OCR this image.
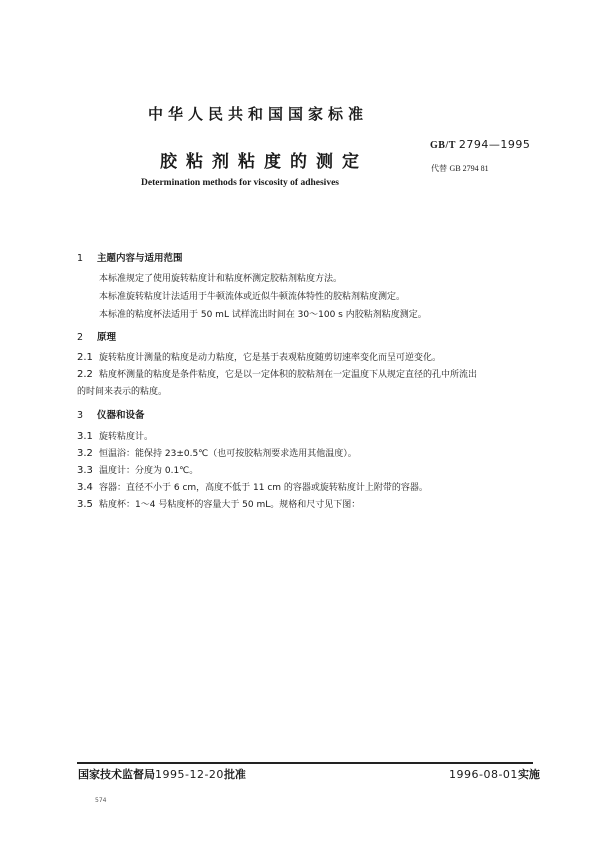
中华人民共和国国家标准
胶粘剂粘度的测定
Determination methods for viscosity of adhesives
GB/T 2794—1995
代替 GB 2794 81
1 主题内容与适用范围
本标准规定了使用旋转粘度计和粘度杯测定胶粘剂粘度方法。
本标准旋转粘度计法适用于牛顿流体或近似牛顿流体特性的胶粘剂粘度测定。
本标准的粘度杯法适用于 50 mL 试样流出时间在 30～100 s 内胶粘剂粘度测定。
2 原理
2.1 旋转粘度计测量的粘度是动力粘度，它是基于表观粘度随剪切速率变化而呈可逆变化。
2.2 粘度杯测量的粘度是条件粘度，它是以一定体积的胶粘剂在一定温度下从规定直径的孔中所流出
的时间来表示的粘度。
3 仪器和设备
3.1 旋转粘度计。
3.2 恒温浴：能保持 23±0.5℃（也可按胶粘剂要求选用其他温度）。
3.3 温度计：分度为 0.1℃。
3.4 容器：直径不小于 6 cm，高度不低于 11 cm 的容器或旋转粘度计上附带的容器。
3.5 粘度杯：1～4 号粘度杯的容量大于 50 mL。规格和尺寸见下图：
国家技术监督局1995-12-20批准	1996-08-01实施
574
